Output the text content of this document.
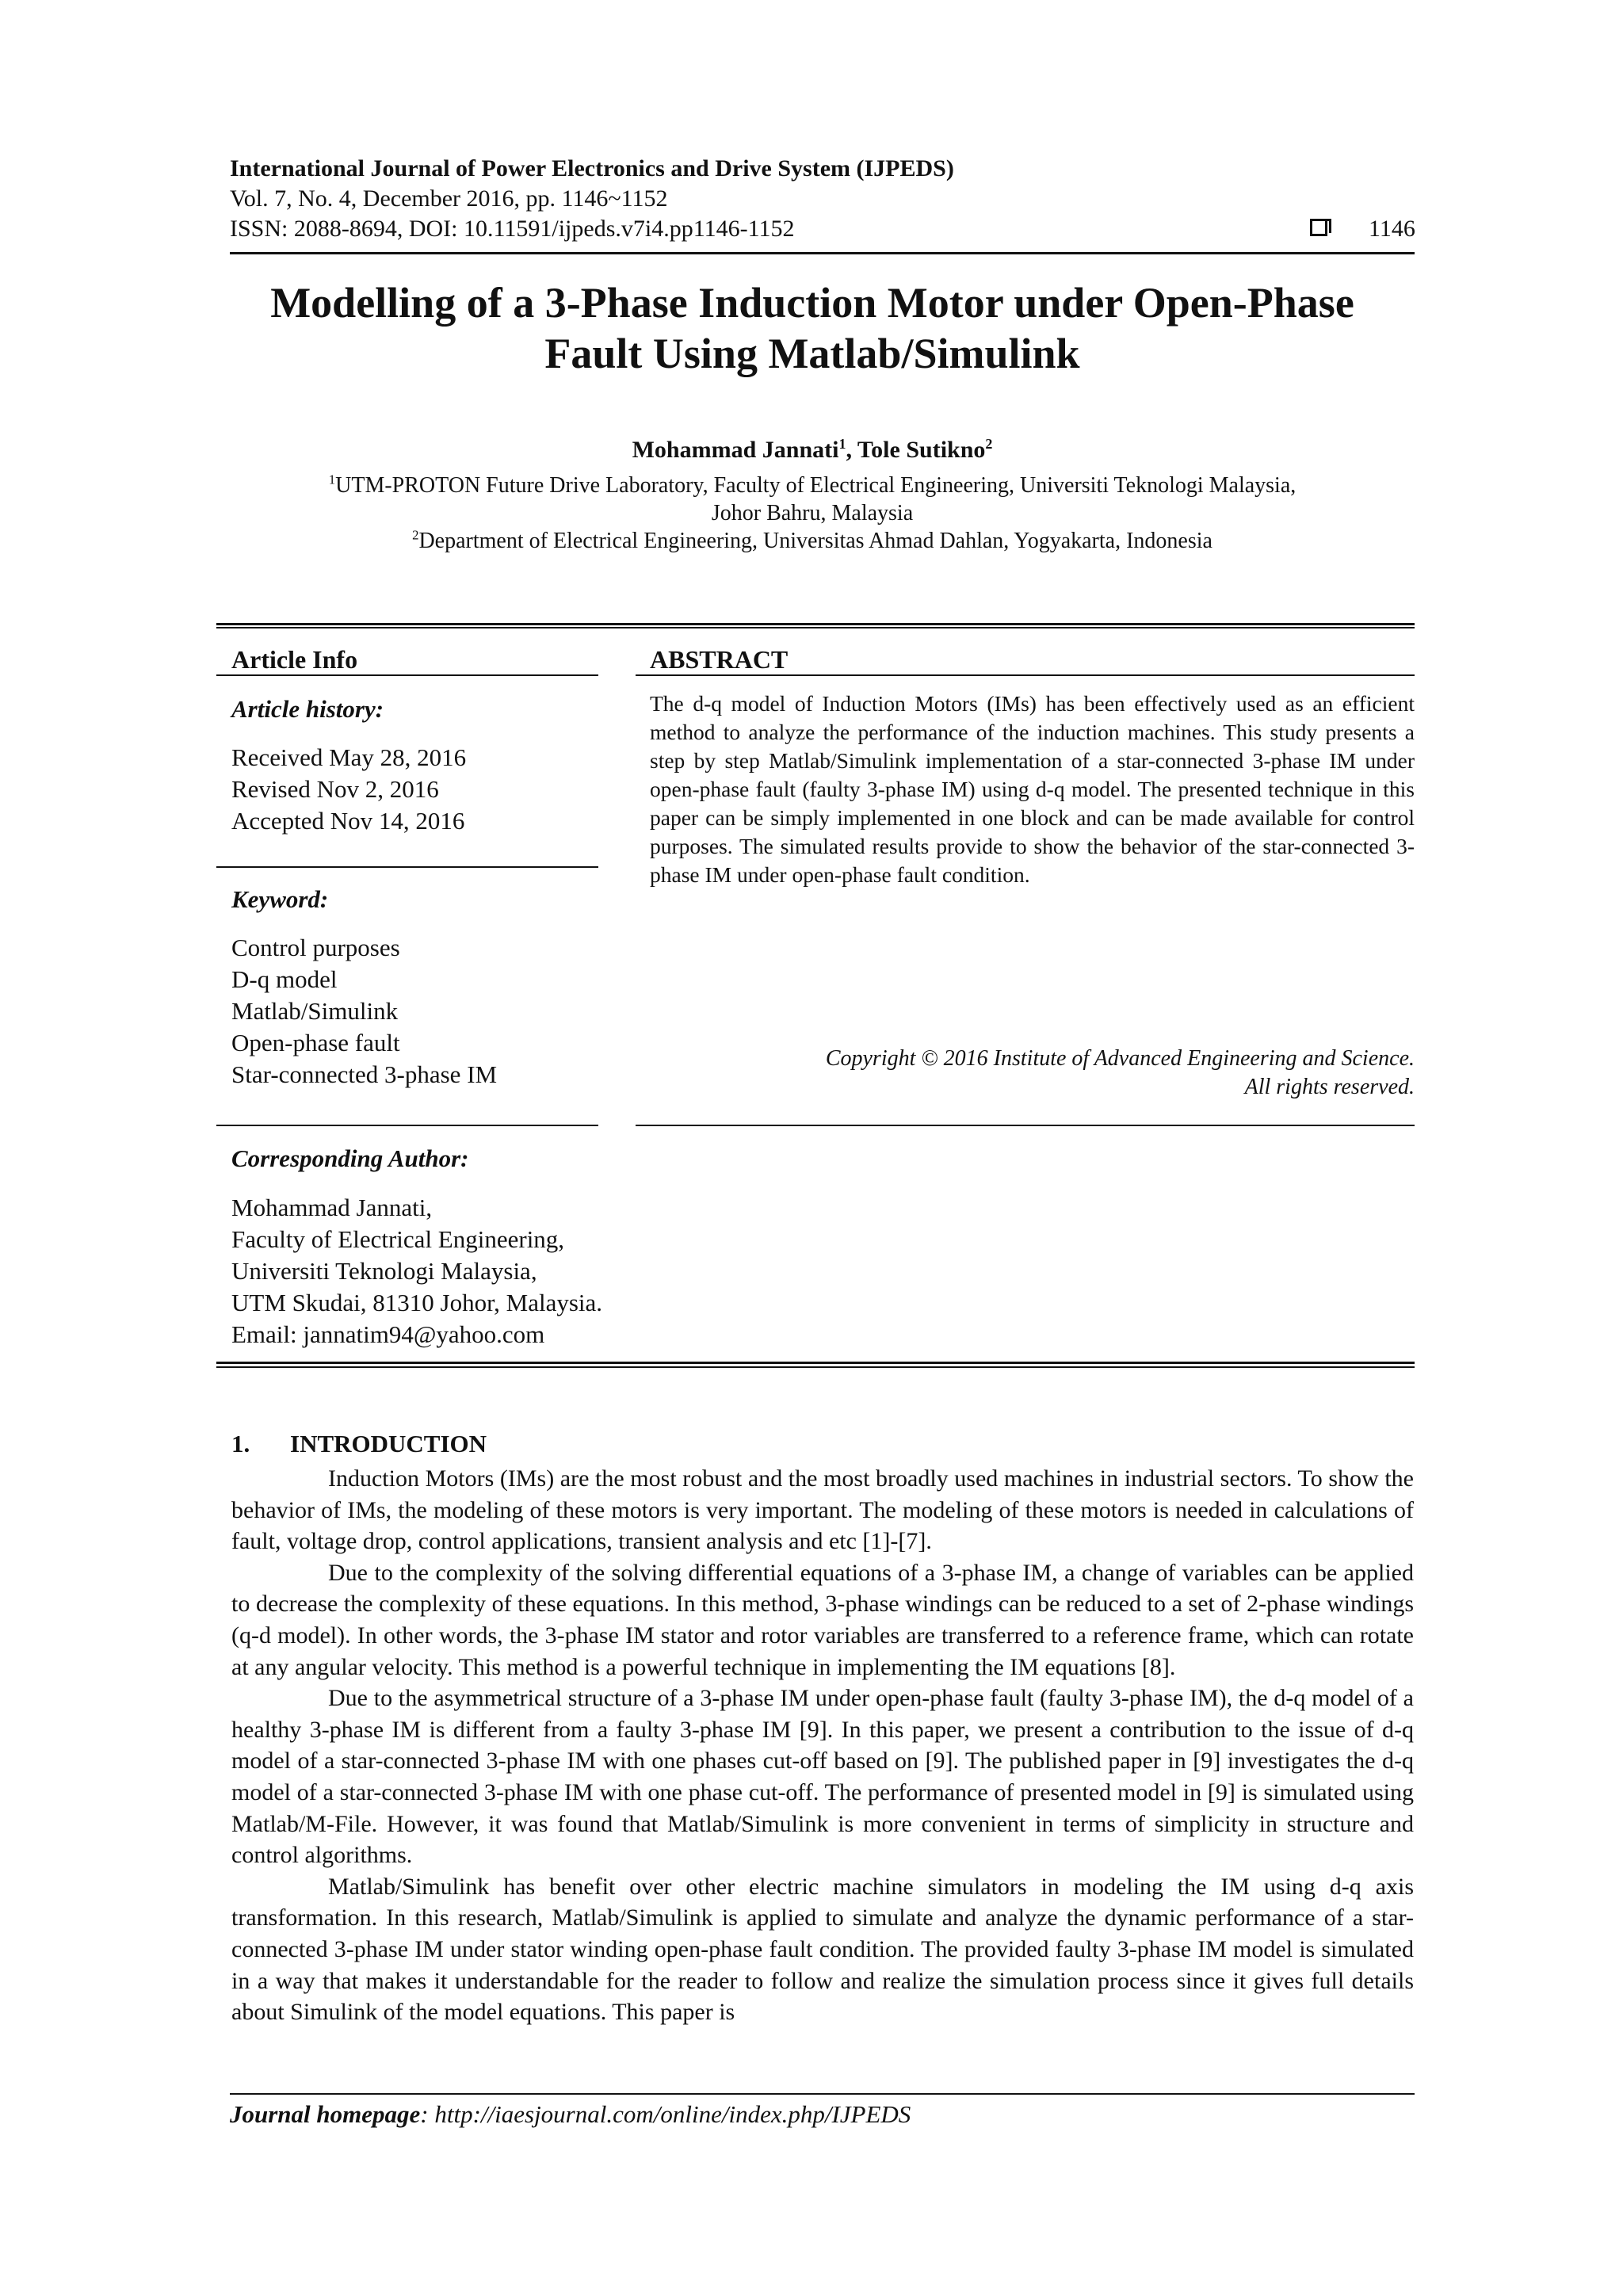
International Journal of Power Electronics and Drive System (IJPEDS)
Vol. 7, No. 4, December 2016, pp. 1146~1152
ISSN: 2088-8694, DOI: 10.11591/ijpeds.v7i4.pp1146-1152	1146
Modelling of a 3-Phase Induction Motor under Open-Phase
Fault Using Matlab/Simulink
Mohammad Jannati$^1$, Tole Sutikno$^2$
$^1$UTM-PROTON Future Drive Laboratory, Faculty of Electrical Engineering, Universiti Teknologi Malaysia,
Johor Bahru, Malaysia
$^2$Department of Electrical Engineering, Universitas Ahmad Dahlan, Yogyakarta, Indonesia
Article Info
Article history:
Received May 28, 2016
Revised Nov 2, 2016
Accepted Nov 14, 2016
Keyword:
Control purposes
D-q model
Matlab/Simulink
Open-phase fault
Star-connected 3-phase IM
Corresponding Author:
Mohammad Jannati,
Faculty of Electrical Engineering,
Universiti Teknologi Malaysia,
UTM Skudai, 81310 Johor, Malaysia.
Email: jannatim94@yahoo.com
ABSTRACT
The d-q model of Induction Motors (IMs) has been effectively used as an efficient method to analyze the performance of the induction machines. This study presents a step by step Matlab/Simulink implementation of a star-connected 3-phase IM under open-phase fault (faulty 3-phase IM) using d-q model. The presented technique in this paper can be simply implemented in one block and can be made available for control purposes. The simulated results provide to show the behavior of the star-connected 3-phase IM under open-phase fault condition.
Copyright © 2016 Institute of Advanced Engineering and Science.
All rights reserved.
1. INTRODUCTION

Induction Motors (IMs) are the most robust and the most broadly used machines in industrial sectors. To show the behavior of IMs, the modeling of these motors is very important. The modeling of these motors is needed in calculations of fault, voltage drop, control applications, transient analysis and etc [1]-[7].

Due to the complexity of the solving differential equations of a 3-phase IM, a change of variables can be applied to decrease the complexity of these equations. In this method, 3-phase windings can be reduced to a set of 2-phase windings (q-d model). In other words, the 3-phase IM stator and rotor variables are transferred to a reference frame, which can rotate at any angular velocity. This method is a powerful technique in implementing the IM equations [8].

Due to the asymmetrical structure of a 3-phase IM under open-phase fault (faulty 3-phase IM), the d-q model of a healthy 3-phase IM is different from a faulty 3-phase IM [9]. In this paper, we present a contribution to the issue of d-q model of a star-connected 3-phase IM with one phases cut-off based on [9]. The published paper in [9] investigates the d-q model of a star-connected 3-phase IM with one phase cut-off. The performance of presented model in [9] is simulated using Matlab/M-File. However, it was found that Matlab/Simulink is more convenient in terms of simplicity in structure and control algorithms.

Matlab/Simulink has benefit over other electric machine simulators in modeling the IM using d-q axis transformation. In this research, Matlab/Simulink is applied to simulate and analyze the dynamic performance of a star-connected 3-phase IM under stator winding open-phase fault condition. The provided faulty 3-phase IM model is simulated in a way that makes it understandable for the reader to follow and realize the simulation process since it gives full details about Simulink of the model equations. This paper is

Journal homepage: http://iaesjournal.com/online/index.php/IJPEDS
